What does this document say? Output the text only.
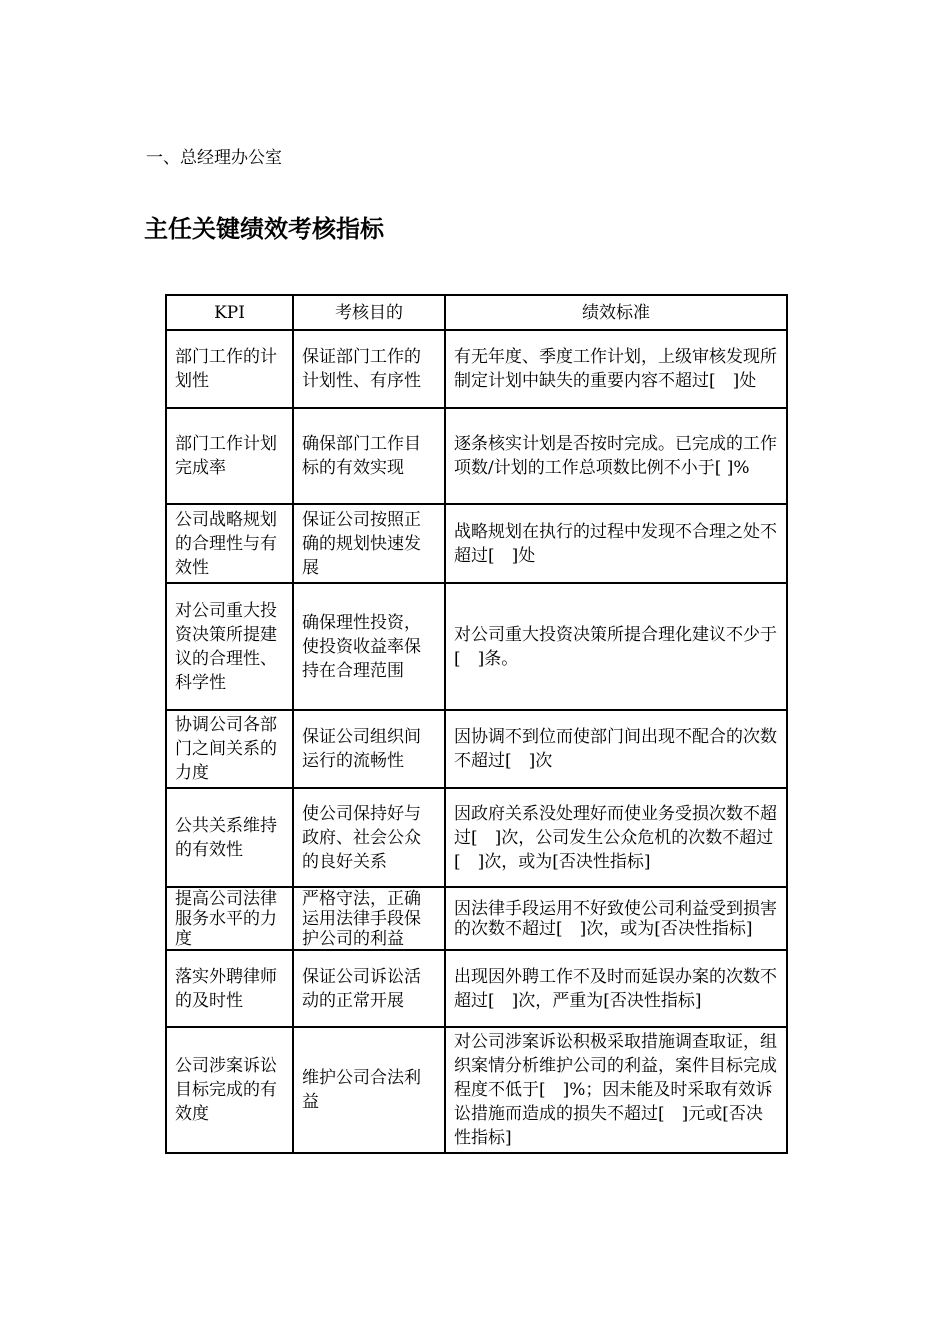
一、总经理办公室
主任关键绩效考核指标
KPI	考核目的	绩效标准
部门工作的计划性	保证部门工作的计划性、有序性	有无年度、季度工作计划，上级审核发现所制定计划中缺失的重要内容不超过[　]处
部门工作计划完成率	确保部门工作目标的有效实现	逐条核实计划是否按时完成。已完成的工作项数/计划的工作总项数比例不小于[ ]%
公司战略规划的合理性与有效性	保证公司按照正确的规划快速发展	战略规划在执行的过程中发现不合理之处不超过[　]处
对公司重大投资决策所提建议的合理性、科学性	确保理性投资，使投资收益率保持在合理范围	对公司重大投资决策所提合理化建议不少于[　]条。
协调公司各部门之间关系的力度	保证公司组织间运行的流畅性	因协调不到位而使部门间出现不配合的次数不超过[　]次
公共关系维持的有效性	使公司保持好与政府、社会公众的良好关系	因政府关系没处理好而使业务受损次数不超过[　]次，公司发生公众危机的次数不超过[　]次，或为[否决性指标]
提高公司法律服务水平的力度	严格守法，正确运用法律手段保护公司的利益	因法律手段运用不好致使公司利益受到损害的次数不超过[　]次，或为[否决性指标]
落实外聘律师的及时性	保证公司诉讼活动的正常开展	出现因外聘工作不及时而延误办案的次数不超过[　]次，严重为[否决性指标]
公司涉案诉讼目标完成的有效度	维护公司合法利益	对公司涉案诉讼积极采取措施调查取证，组织案情分析维护公司的利益，案件目标完成程度不低于[　]%；因未能及时采取有效诉讼措施而造成的损失不超过[　]元或[否决性指标]
